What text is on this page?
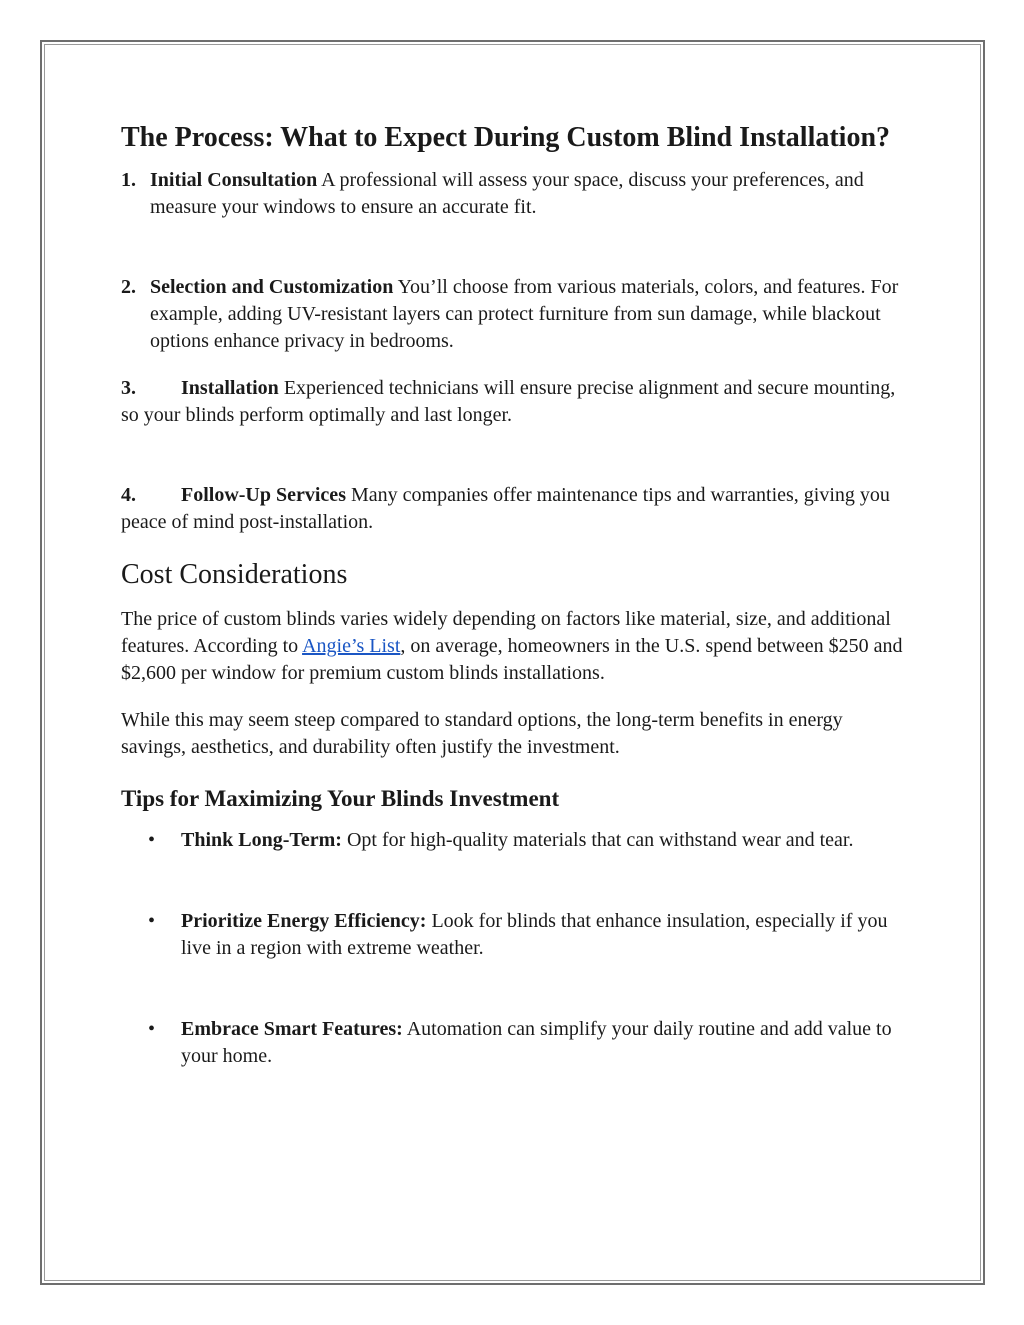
The Process: What to Expect During Custom Blind Installation?
1. Initial Consultation A professional will assess your space, discuss your preferences, and measure your windows to ensure an accurate fit.
2. Selection and Customization You’ll choose from various materials, colors, and features. For example, adding UV-resistant layers can protect furniture from sun damage, while blackout options enhance privacy in bedrooms.
3. Installation Experienced technicians will ensure precise alignment and secure mounting, so your blinds perform optimally and last longer.
4. Follow-Up Services Many companies offer maintenance tips and warranties, giving you peace of mind post-installation.
Cost Considerations

The price of custom blinds varies widely depending on factors like material, size, and additional features. According to Angie’s List, on average, homeowners in the U.S. spend between $250 and $2,600 per window for premium custom blinds installations.

While this may seem steep compared to standard options, the long-term benefits in energy savings, aesthetics, and durability often justify the investment.

Tips for Maximizing Your Blinds Investment
• Think Long-Term: Opt for high-quality materials that can withstand wear and tear.
• Prioritize Energy Efficiency: Look for blinds that enhance insulation, especially if you live in a region with extreme weather.
• Embrace Smart Features: Automation can simplify your daily routine and add value to your home.
